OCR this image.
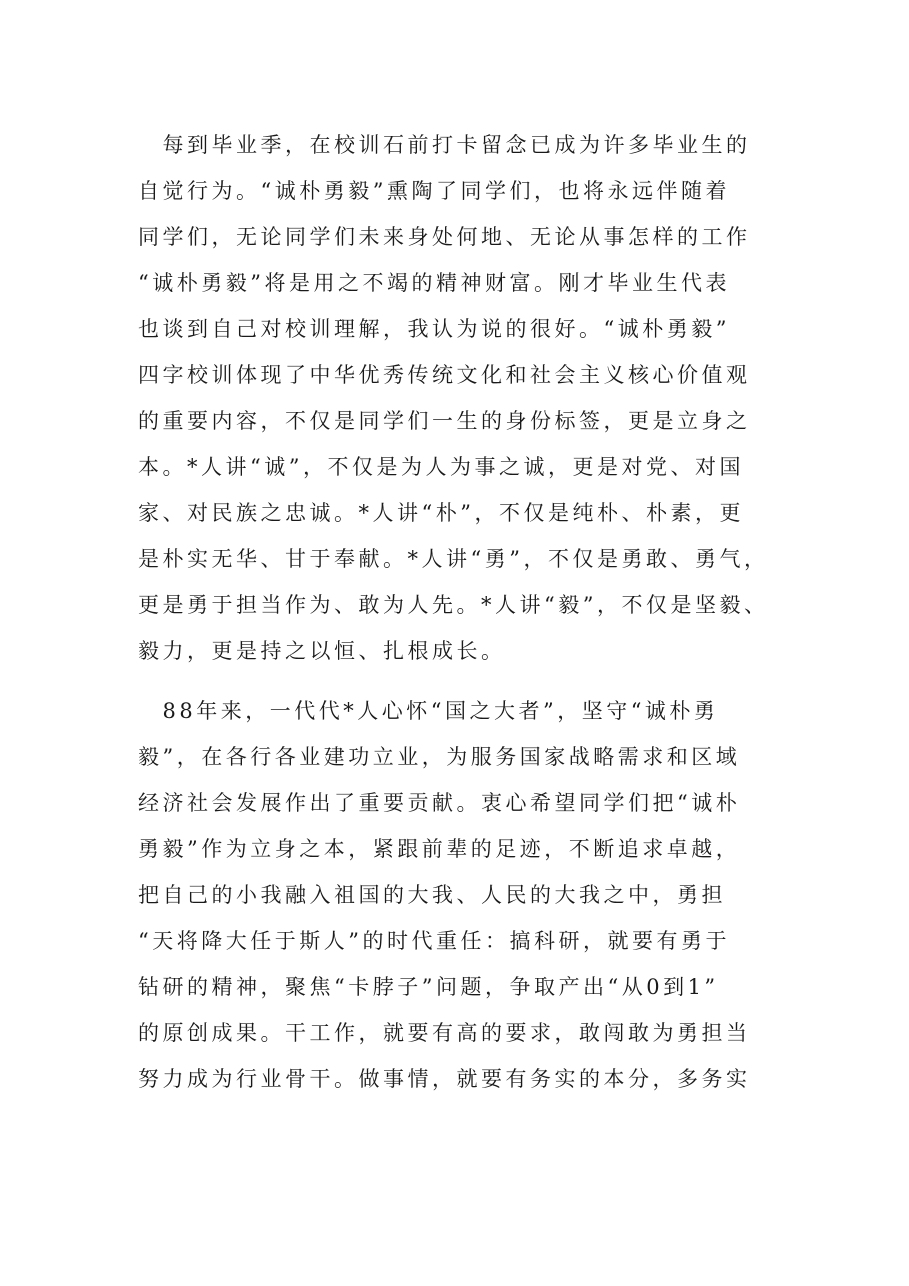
　每到毕业季，在校训石前打卡留念已成为许多毕业生的
自觉行为。“诚朴勇毅”熏陶了同学们，也将永远伴随着
同学们，无论同学们未来身处何地、无论从事怎样的工作
“诚朴勇毅”将是用之不竭的精神财富。刚才毕业生代表
也谈到自己对校训理解，我认为说的很好。“诚朴勇毅”
四字校训体现了中华优秀传统文化和社会主义核心价值观
的重要内容，不仅是同学们一生的身份标签，更是立身之
本。*人讲“诚”，不仅是为人为事之诚，更是对党、对国
家、对民族之忠诚。*人讲“朴”，不仅是纯朴、朴素，更
是朴实无华、甘于奉献。*人讲“勇”，不仅是勇敢、勇气，
更是勇于担当作为、敢为人先。*人讲“毅”，不仅是坚毅、
毅力，更是持之以恒、扎根成长。
　88年来，一代代*人心怀“国之大者”，坚守“诚朴勇
毅”，在各行各业建功立业，为服务国家战略需求和区域
经济社会发展作出了重要贡献。衷心希望同学们把“诚朴
勇毅”作为立身之本，紧跟前辈的足迹，不断追求卓越，
把自己的小我融入祖国的大我、人民的大我之中，勇担
“天将降大任于斯人”的时代重任：搞科研，就要有勇于
钻研的精神，聚焦“卡脖子”问题，争取产出“从0到1”
的原创成果。干工作，就要有高的要求，敢闯敢为勇担当
努力成为行业骨干。做事情，就要有务实的本分，多务实
